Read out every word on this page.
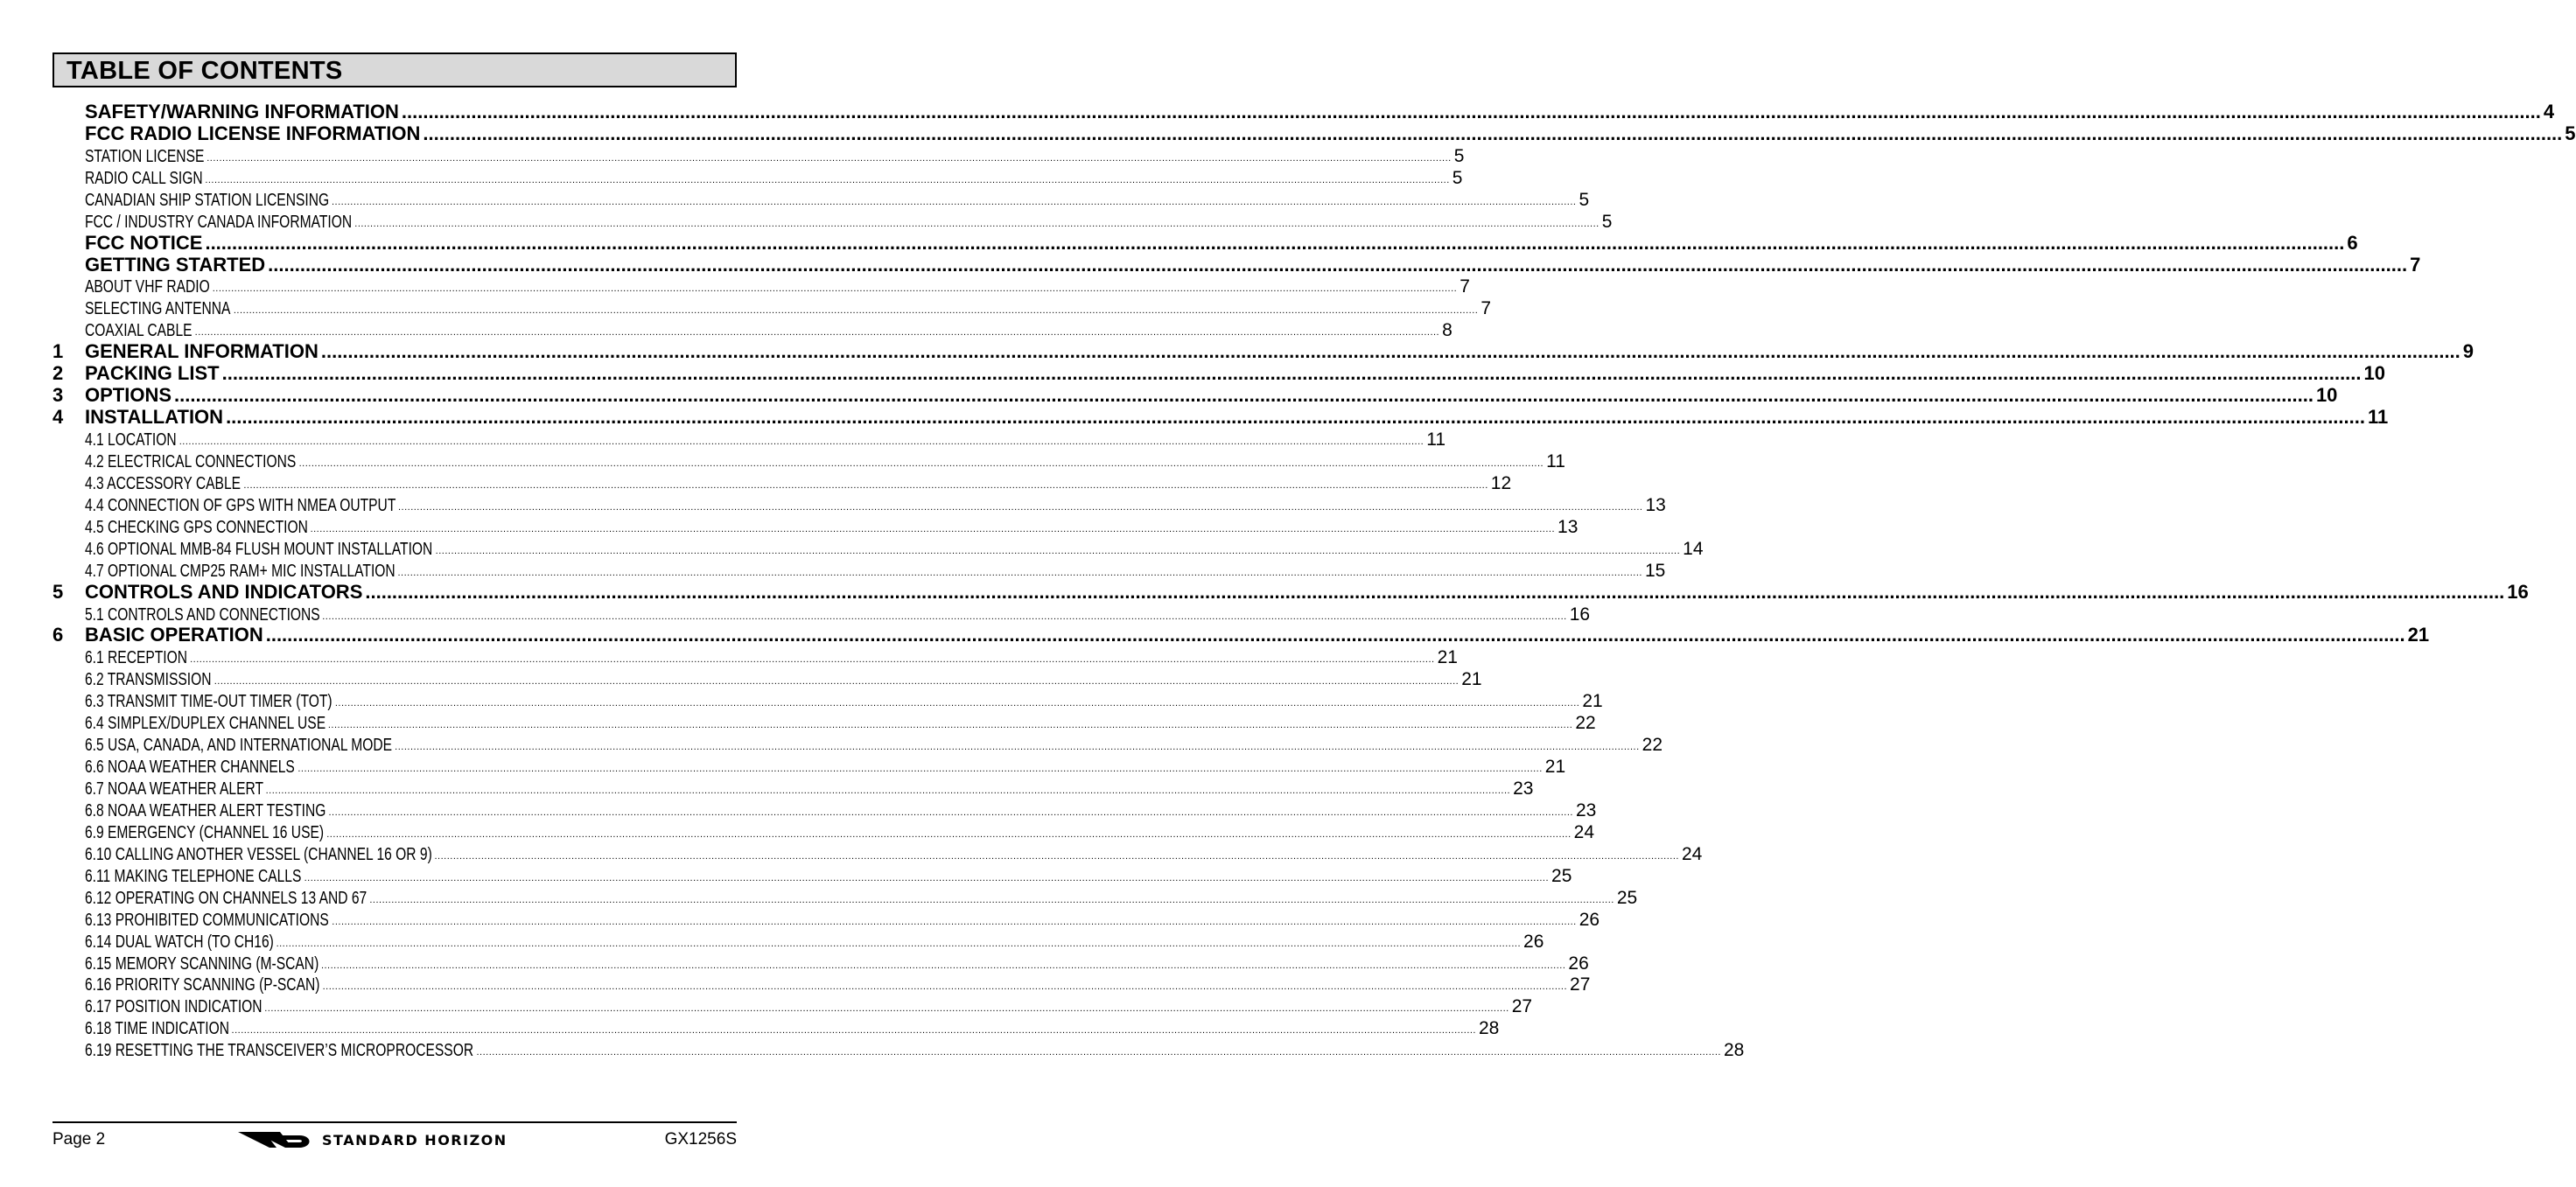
TABLE OF CONTENTS
SAFETY/WARNING INFORMATION ................................................................................................................................................................................................................................................................................................................................................................................................................ 4
FCC RADIO LICENSE INFORMATION ................................................................................................................................................................................................................................................................................................................................................................................................................ 5
STATION LICENSE ................................................................................................................................................................................................................................................................................................................................................................................................................ 5
RADIO CALL SIGN ................................................................................................................................................................................................................................................................................................................................................................................................................ 5
CANADIAN SHIP STATION LICENSING ................................................................................................................................................................................................................................................................................................................................................................................................................ 5
FCC / INDUSTRY CANADA INFORMATION ................................................................................................................................................................................................................................................................................................................................................................................................................ 5
FCC NOTICE ................................................................................................................................................................................................................................................................................................................................................................................................................ 6
GETTING STARTED ................................................................................................................................................................................................................................................................................................................................................................................................................ 7
ABOUT VHF RADIO ................................................................................................................................................................................................................................................................................................................................................................................................................ 7
SELECTING ANTENNA ................................................................................................................................................................................................................................................................................................................................................................................................................ 7
COAXIAL CABLE ................................................................................................................................................................................................................................................................................................................................................................................................................ 8
1	GENERAL INFORMATION ................................................................................................................................................................................................................................................................................................................................................................................................................ 9
2	PACKING LIST ................................................................................................................................................................................................................................................................................................................................................................................................................ 10
3	OPTIONS ................................................................................................................................................................................................................................................................................................................................................................................................................ 10
4	INSTALLATION ................................................................................................................................................................................................................................................................................................................................................................................................................ 11
4.1 LOCATION ................................................................................................................................................................................................................................................................................................................................................................................................................ 11
4.2 ELECTRICAL CONNECTIONS ................................................................................................................................................................................................................................................................................................................................................................................................................ 11
4.3 ACCESSORY CABLE ................................................................................................................................................................................................................................................................................................................................................................................................................ 12
4.4 CONNECTION OF GPS WITH NMEA OUTPUT ................................................................................................................................................................................................................................................................................................................................................................................................................ 13
4.5 CHECKING GPS CONNECTION ................................................................................................................................................................................................................................................................................................................................................................................................................ 13
4.6 OPTIONAL MMB-84 FLUSH MOUNT INSTALLATION ................................................................................................................................................................................................................................................................................................................................................................................................................ 14
4.7 OPTIONAL CMP25 RAM+ MIC INSTALLATION ................................................................................................................................................................................................................................................................................................................................................................................................................ 15
5	CONTROLS AND INDICATORS ................................................................................................................................................................................................................................................................................................................................................................................................................ 16
5.1 CONTROLS AND CONNECTIONS ................................................................................................................................................................................................................................................................................................................................................................................................................ 16
6	BASIC OPERATION ................................................................................................................................................................................................................................................................................................................................................................................................................ 21
6.1 RECEPTION ................................................................................................................................................................................................................................................................................................................................................................................................................ 21
6.2 TRANSMISSION ................................................................................................................................................................................................................................................................................................................................................................................................................ 21
6.3 TRANSMIT TIME-OUT TIMER (TOT) ................................................................................................................................................................................................................................................................................................................................................................................................................ 21
6.4 SIMPLEX/DUPLEX CHANNEL USE ................................................................................................................................................................................................................................................................................................................................................................................................................ 22
6.5 USA, CANADA, AND INTERNATIONAL MODE ................................................................................................................................................................................................................................................................................................................................................................................................................ 22
6.6 NOAA WEATHER CHANNELS ................................................................................................................................................................................................................................................................................................................................................................................................................ 21
6.7 NOAA WEATHER ALERT ................................................................................................................................................................................................................................................................................................................................................................................................................ 23
6.8 NOAA WEATHER ALERT TESTING ................................................................................................................................................................................................................................................................................................................................................................................................................ 23
6.9 EMERGENCY (CHANNEL 16 USE) ................................................................................................................................................................................................................................................................................................................................................................................................................ 24
6.10 CALLING ANOTHER VESSEL (CHANNEL 16 OR 9) ................................................................................................................................................................................................................................................................................................................................................................................................................ 24
6.11 MAKING TELEPHONE CALLS ................................................................................................................................................................................................................................................................................................................................................................................................................ 25
6.12 OPERATING ON CHANNELS 13 AND 67 ................................................................................................................................................................................................................................................................................................................................................................................................................ 25
6.13 PROHIBITED COMMUNICATIONS ................................................................................................................................................................................................................................................................................................................................................................................................................ 26
6.14 DUAL WATCH (TO CH16) ................................................................................................................................................................................................................................................................................................................................................................................................................ 26
6.15 MEMORY SCANNING (M-SCAN) ................................................................................................................................................................................................................................................................................................................................................................................................................ 26
6.16 PRIORITY SCANNING (P-SCAN) ................................................................................................................................................................................................................................................................................................................................................................................................................ 27
6.17 POSITION INDICATION ................................................................................................................................................................................................................................................................................................................................................................................................................ 27
6.18 TIME INDICATION ................................................................................................................................................................................................................................................................................................................................................................................................................ 28
6.19 RESETTING THE TRANSCEIVER’S MICROPROCESSOR ................................................................................................................................................................................................................................................................................................................................................................................................................ 28
Page 2	STANDARD HORIZON	GX1256S
